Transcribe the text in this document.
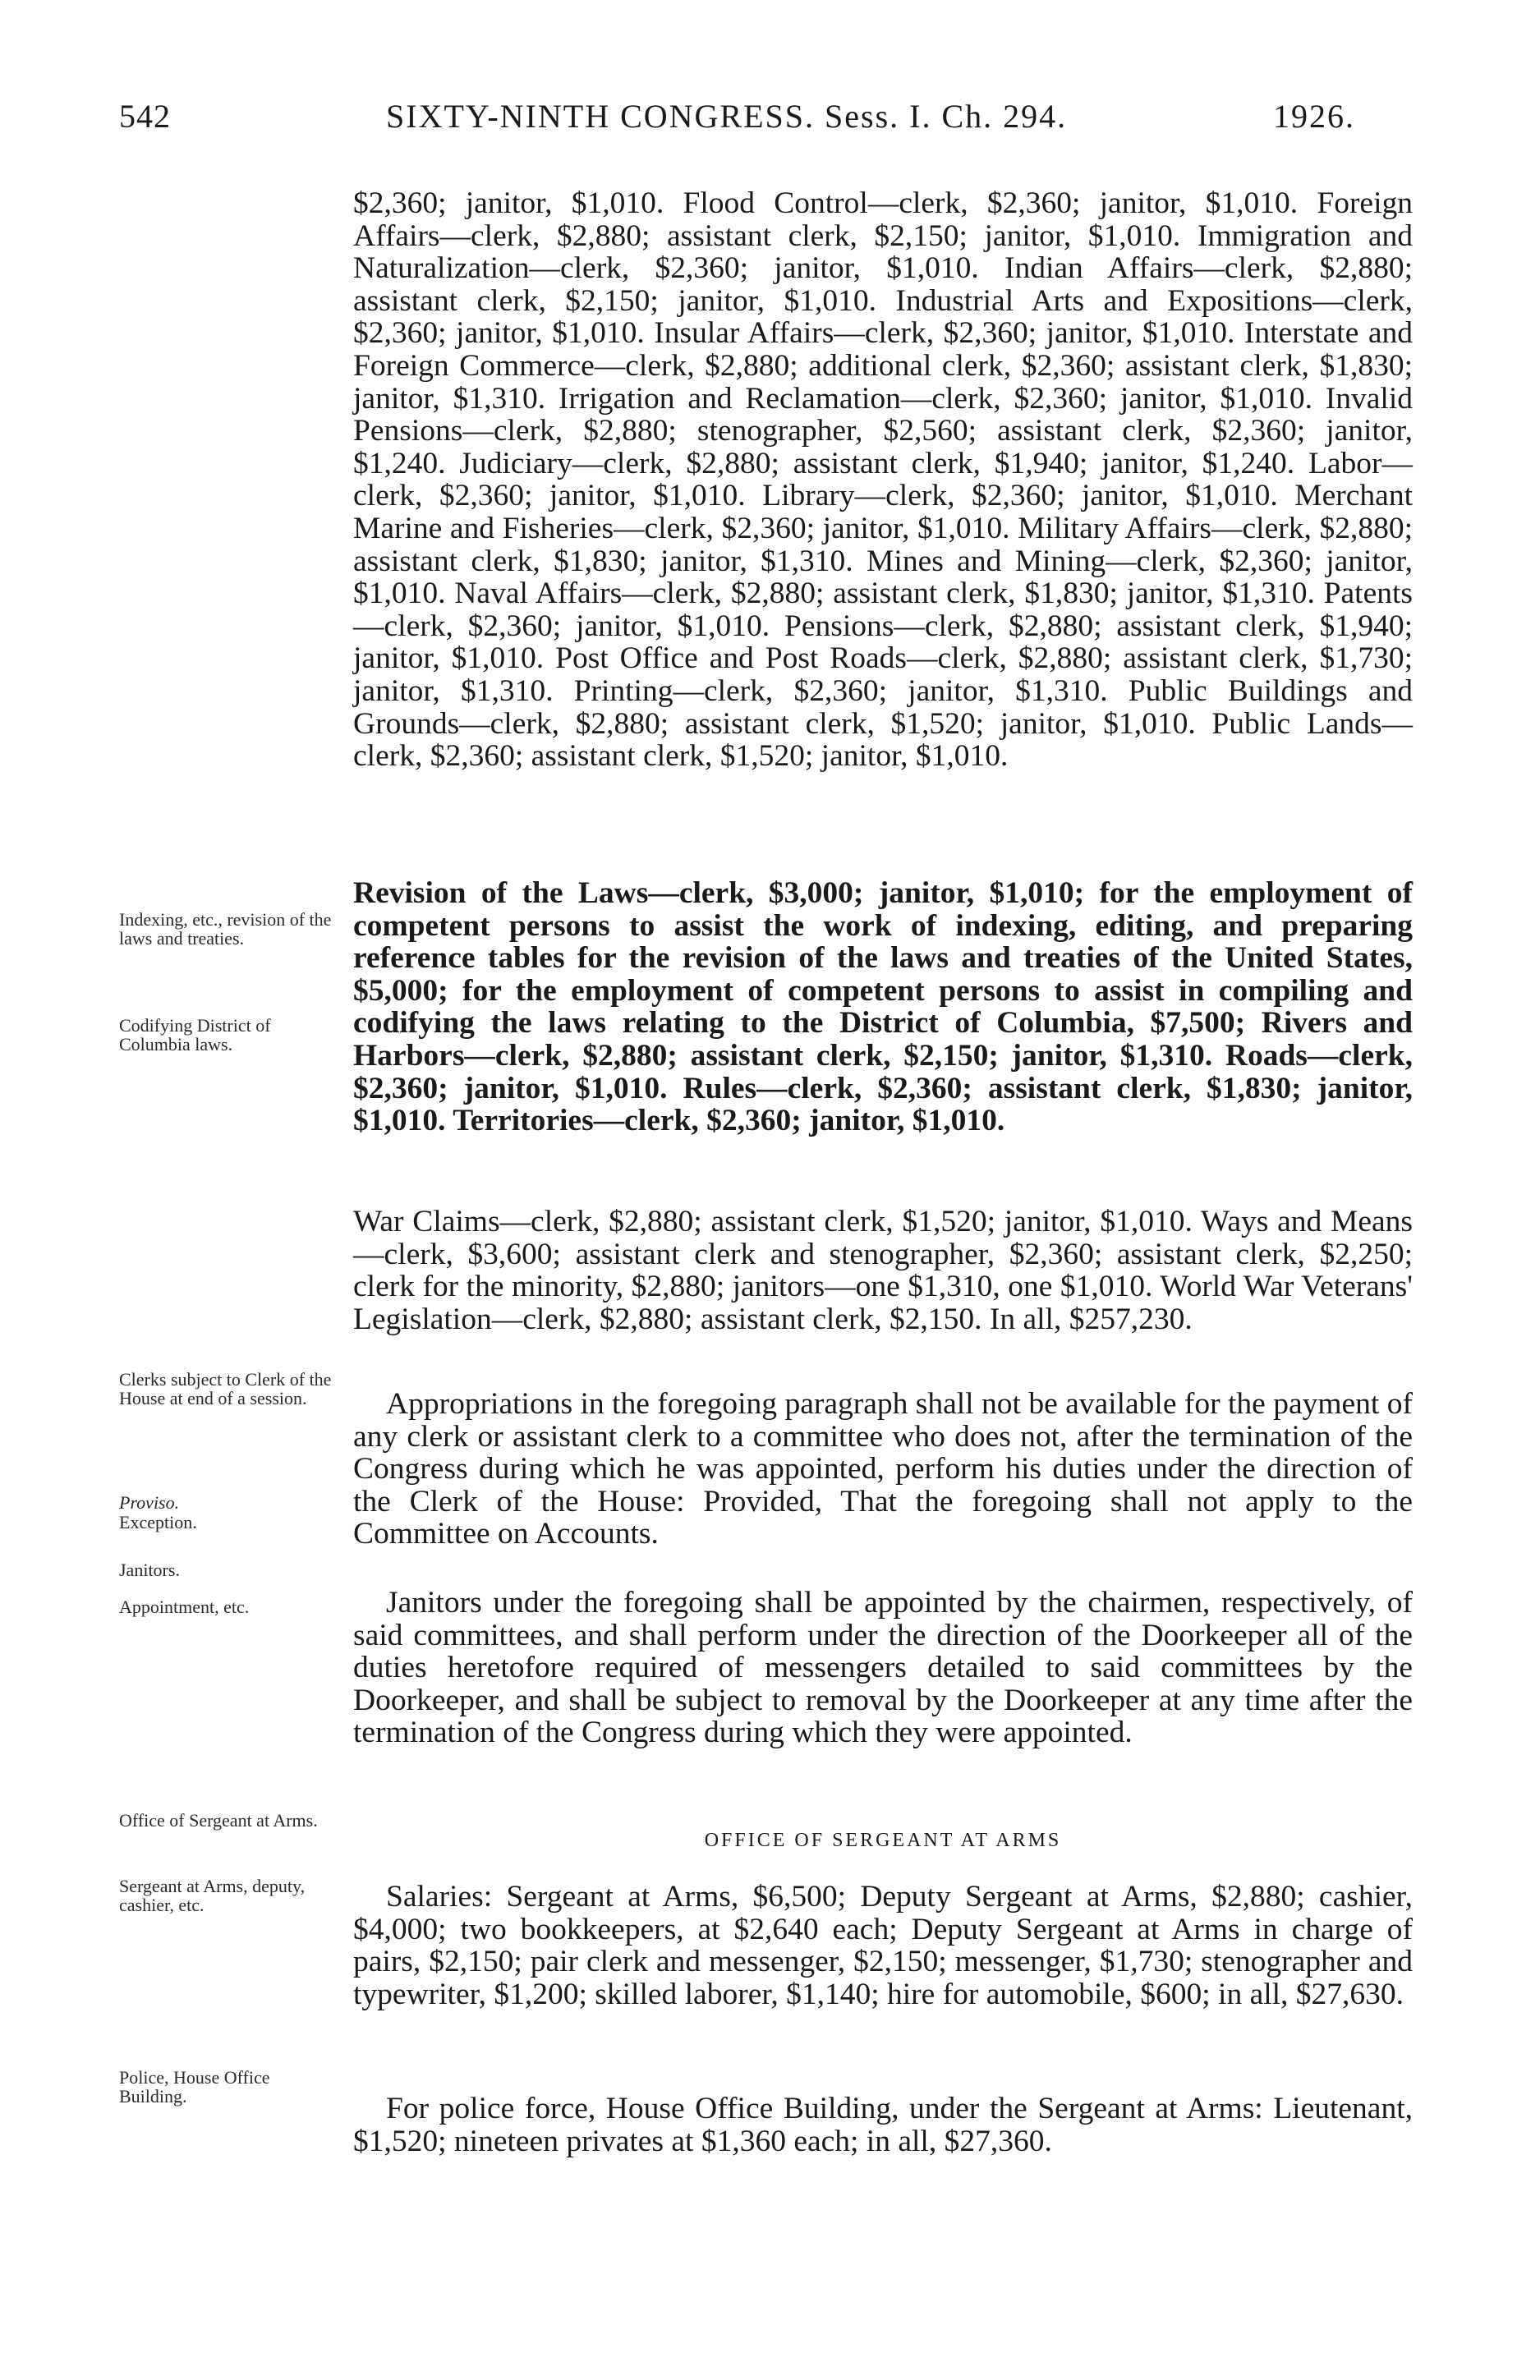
542	SIXTY-NINTH CONGRESS. Sess. I. Ch. 294.	1926.

$2,360; janitor, $1,010. Flood Control—clerk, $2,360; janitor, $1,010. Foreign Affairs—clerk, $2,880; assistant clerk, $2,150; janitor, $1,010. Immigration and Naturalization—clerk, $2,360; janitor, $1,010. Indian Affairs—clerk, $2,880; assistant clerk, $2,150; janitor, $1,010. Industrial Arts and Expositions—clerk, $2,360; janitor, $1,010. Insular Affairs—clerk, $2,360; janitor, $1,010. Interstate and Foreign Commerce—clerk, $2,880; additional clerk, $2,360; assistant clerk, $1,830; janitor, $1,310. Irrigation and Reclamation—clerk, $2,360; janitor, $1,010. Invalid Pensions—clerk, $2,880; stenographer, $2,560; assistant clerk, $2,360; janitor, $1,240. Judiciary—clerk, $2,880; assistant clerk, $1,940; janitor, $1,240. Labor—clerk, $2,360; janitor, $1,010. Library—clerk, $2,360; janitor, $1,010. Merchant Marine and Fisheries—clerk, $2,360; janitor, $1,010. Military Affairs—clerk, $2,880; assistant clerk, $1,830; janitor, $1,310. Mines and Mining—clerk, $2,360; janitor, $1,010. Naval Affairs—clerk, $2,880; assistant clerk, $1,830; janitor, $1,310. Patents—clerk, $2,360; janitor, $1,010. Pensions—clerk, $2,880; assistant clerk, $1,940; janitor, $1,010. Post Office and Post Roads—clerk, $2,880; assistant clerk, $1,730; janitor, $1,310. Printing—clerk, $2,360; janitor, $1,310. Public Buildings and Grounds—clerk, $2,880; assistant clerk, $1,520; janitor, $1,010. Public Lands—clerk, $2,360; assistant clerk, $1,520; janitor, $1,010.

Revision of the Laws—clerk, $3,000; janitor, $1,010; for the employment of competent persons to assist the work of indexing, editing, and preparing reference tables for the revision of the laws and treaties of the United States, $5,000; for the employment of competent persons to assist in compiling and codifying the laws relating to the District of Columbia, $7,500; Rivers and Harbors—clerk, $2,880; assistant clerk, $2,150; janitor, $1,310. Roads—clerk, $2,360; janitor, $1,010. Rules—clerk, $2,360; assistant clerk, $1,830; janitor, $1,010. Territories—clerk, $2,360; janitor, $1,010.

War Claims—clerk, $2,880; assistant clerk, $1,520; janitor, $1,010. Ways and Means—clerk, $3,600; assistant clerk and stenographer, $2,360; assistant clerk, $2,250; clerk for the minority, $2,880; janitors—one $1,310, one $1,010. World War Veterans' Legislation—clerk, $2,880; assistant clerk, $2,150. In all, $257,230.

Appropriations in the foregoing paragraph shall not be available for the payment of any clerk or assistant clerk to a committee who does not, after the termination of the Congress during which he was appointed, perform his duties under the direction of the Clerk of the House: Provided, That the foregoing shall not apply to the Committee on Accounts.

Janitors under the foregoing shall be appointed by the chairmen, respectively, of said committees, and shall perform under the direction of the Doorkeeper all of the duties heretofore required of messengers detailed to said committees by the Doorkeeper, and shall be subject to removal by the Doorkeeper at any time after the termination of the Congress during which they were appointed.

OFFICE OF SERGEANT AT ARMS

Salaries: Sergeant at Arms, $6,500; Deputy Sergeant at Arms, $2,880; cashier, $4,000; two bookkeepers, at $2,640 each; Deputy Sergeant at Arms in charge of pairs, $2,150; pair clerk and messenger, $2,150; messenger, $1,730; stenographer and typewriter, $1,200; skilled laborer, $1,140; hire for automobile, $600; in all, $27,630.

For police force, House Office Building, under the Sergeant at Arms: Lieutenant, $1,520; nineteen privates at $1,360 each; in all, $27,360.

Indexing, etc., revision of the laws and treaties.
Codifying District of Columbia laws.
Clerks subject to Clerk of the House at end of a session.
Proviso.
Exception.
Janitors.
Appointment, etc.
Office of Sergeant at Arms.
Sergeant at Arms, deputy, cashier, etc.
Police, House Office Building.
